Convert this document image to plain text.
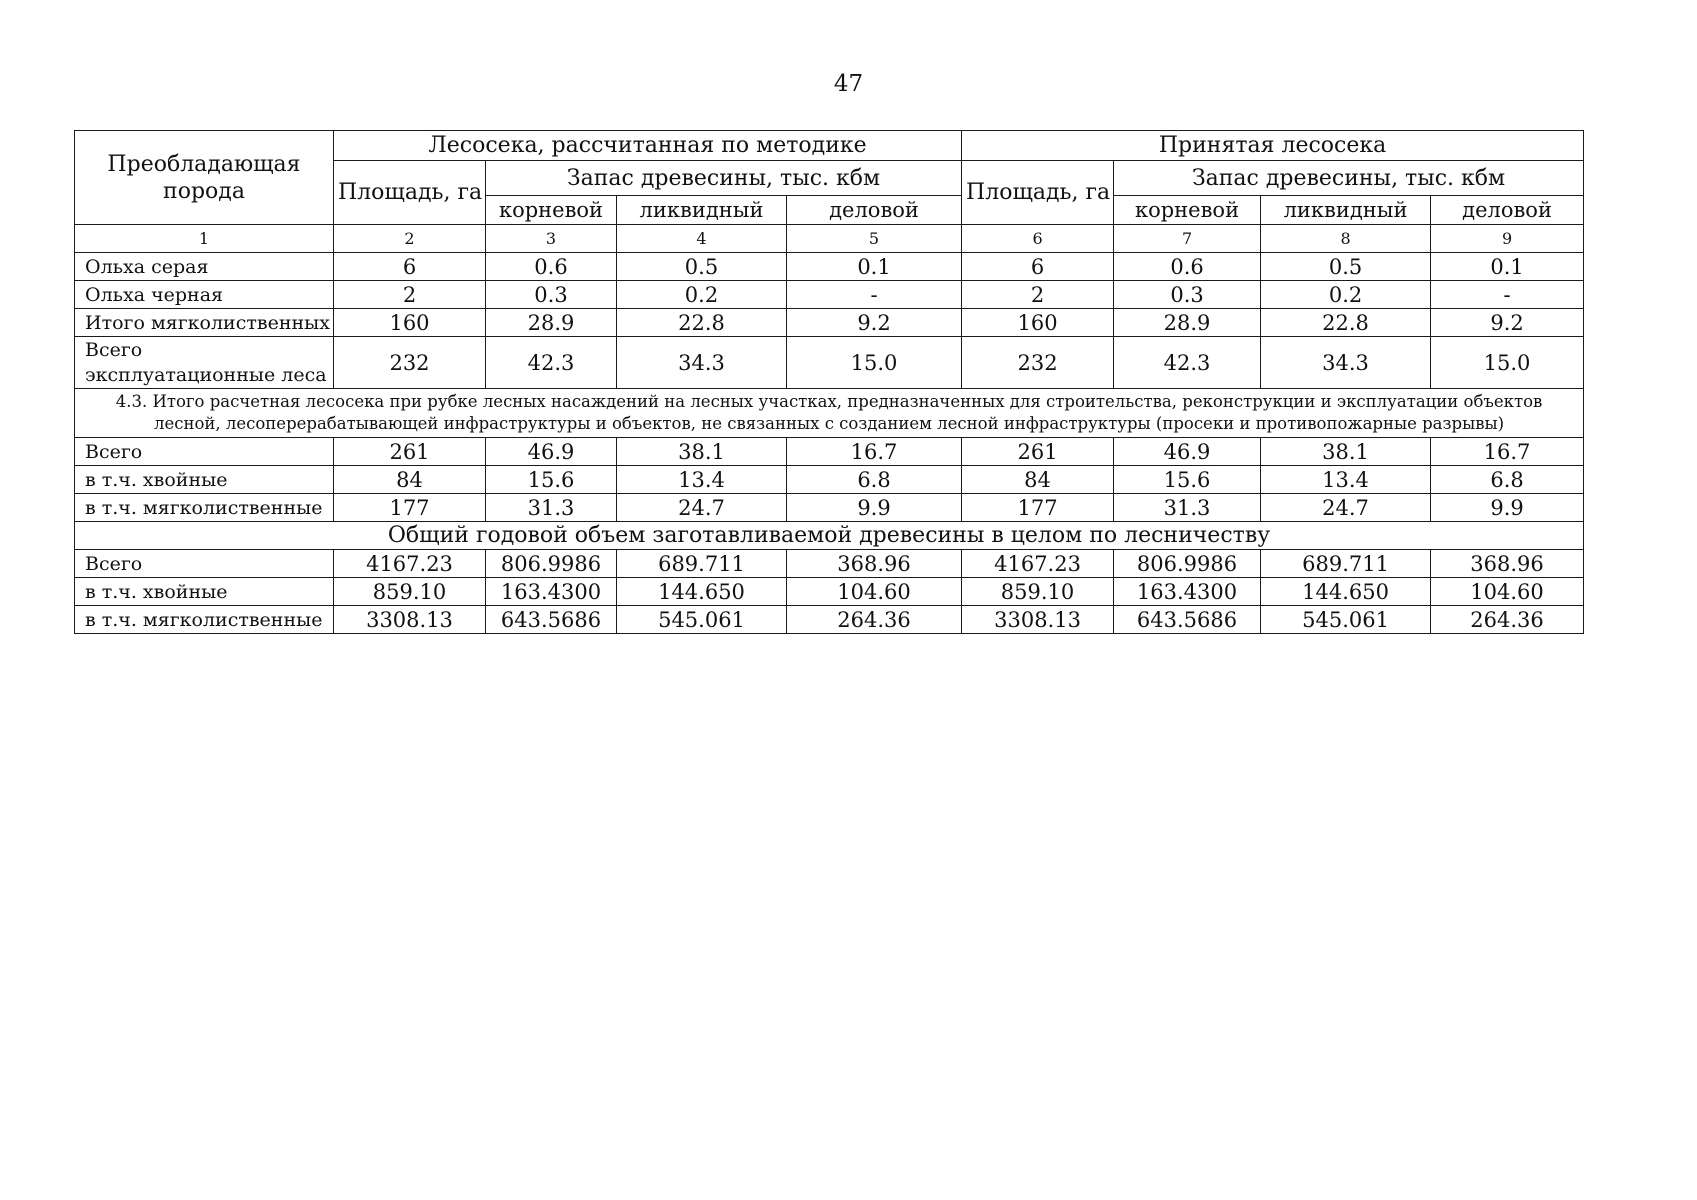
47
Преобладающая порода	Лесосека, рассчитанная по методике				Принятая лесосека			
	Площадь, га	Запас древесины, тыс. кбм			Площадь, га	Запас древесины, тыс. кбм		
		корневой	ликвидный	деловой		корневой	ликвидный	деловой
1	2	3	4	5	6	7	8	9
Ольха серая	6	0.6	0.5	0.1	6	0.6	0.5	0.1
Ольха черная	2	0.3	0.2	-	2	0.3	0.2	-
Итого мягколиственных	160	28.9	22.8	9.2	160	28.9	22.8	9.2
Всего эксплуатационные леса	232	42.3	34.3	15.0	232	42.3	34.3	15.0
4.3. Итого расчетная лесосека при рубке лесных насаждений на лесных участках, предназначенных для строительства, реконструкции и эксплуатации объектов лесной, лесоперерабатывающей инфраструктуры и объектов, не связанных с созданием лесной инфраструктуры (просеки и противопожарные разрывы)								
Всего	261	46.9	38.1	16.7	261	46.9	38.1	16.7
в т.ч. хвойные	84	15.6	13.4	6.8	84	15.6	13.4	6.8
в т.ч. мягколиственные	177	31.3	24.7	9.9	177	31.3	24.7	9.9
Общий годовой объем заготавливаемой древесины в целом по лесничеству								
Всего	4167.23	806.9986	689.711	368.96	4167.23	806.9986	689.711	368.96
в т.ч. хвойные	859.10	163.4300	144.650	104.60	859.10	163.4300	144.650	104.60
в т.ч. мягколиственные	3308.13	643.5686	545.061	264.36	3308.13	643.5686	545.061	264.36
